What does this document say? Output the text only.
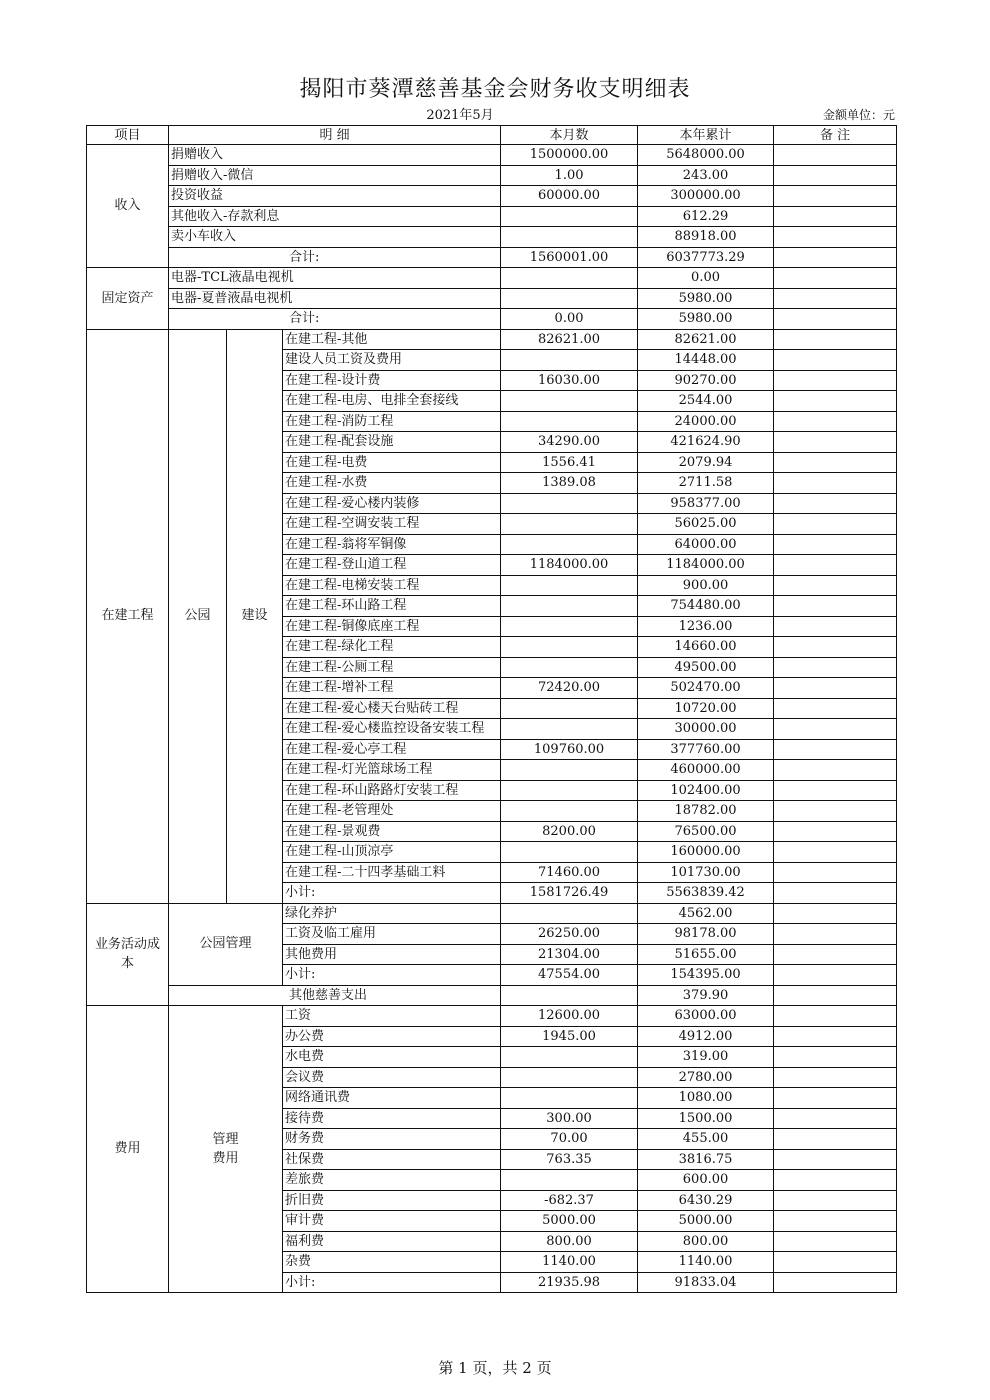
揭阳市葵潭慈善基金会财务收支明细表
2021年5月	金额单位：元
项目	明 细			本月数	本年累计	备 注
收入	捐赠收入			1500000.00	5648000.00	
	捐赠收入-微信			1.00	243.00	
	投资收益			60000.00	300000.00	
	其他收入-存款利息				612.29	
	卖小车收入				88918.00	
	合计:			1560001.00	6037773.29	
固定资产	电器-TCL液晶电视机				0.00	
	电器-夏普液晶电视机				5980.00	
	合计:			0.00	5980.00	
在建工程	公园	建设	在建工程-其他	82621.00	82621.00	
			建设人员工资及费用		14448.00	
			在建工程-设计费	16030.00	90270.00	
			在建工程-电房、电排全套接线		2544.00	
			在建工程-消防工程		24000.00	
			在建工程-配套设施	34290.00	421624.90	
			在建工程-电费	1556.41	2079.94	
			在建工程-水费	1389.08	2711.58	
			在建工程-爱心楼内装修		958377.00	
			在建工程-空调安装工程		56025.00	
			在建工程-翁将军铜像		64000.00	
			在建工程-登山道工程	1184000.00	1184000.00	
			在建工程-电梯安装工程		900.00	
			在建工程-环山路工程		754480.00	
			在建工程-铜像底座工程		1236.00	
			在建工程-绿化工程		14660.00	
			在建工程-公厕工程		49500.00	
			在建工程-增补工程	72420.00	502470.00	
			在建工程-爱心楼天台贴砖工程		10720.00	
			在建工程-爱心楼监控设备安装工程		30000.00	
			在建工程-爱心亭工程	109760.00	377760.00	
			在建工程-灯光篮球场工程		460000.00	
			在建工程-环山路路灯安装工程		102400.00	
			在建工程-老管理处		18782.00	
			在建工程-景观费	8200.00	76500.00	
			在建工程-山顶凉亭		160000.00	
			在建工程-二十四孝基础工料	71460.00	101730.00	
			小计:	1581726.49	5563839.42	
业务活动成本	公园管理		绿化养护		4562.00	
			工资及临工雇用	26250.00	98178.00	
			其他费用	21304.00	51655.00	
			小计:	47554.00	154395.00	
	其他慈善支出				379.90	
费用	管理费用		工资	12600.00	63000.00	
			办公费	1945.00	4912.00	
			水电费		319.00	
			会议费		2780.00	
			网络通讯费		1080.00	
			接待费	300.00	1500.00	
			财务费	70.00	455.00	
			社保费	763.35	3816.75	
			差旅费		600.00	
			折旧费	-682.37	6430.29	
			审计费	5000.00	5000.00	
			福利费	800.00	800.00	
			杂费	1140.00	1140.00	
			小计:	21935.98	91833.04	
第 1 页，共 2 页
